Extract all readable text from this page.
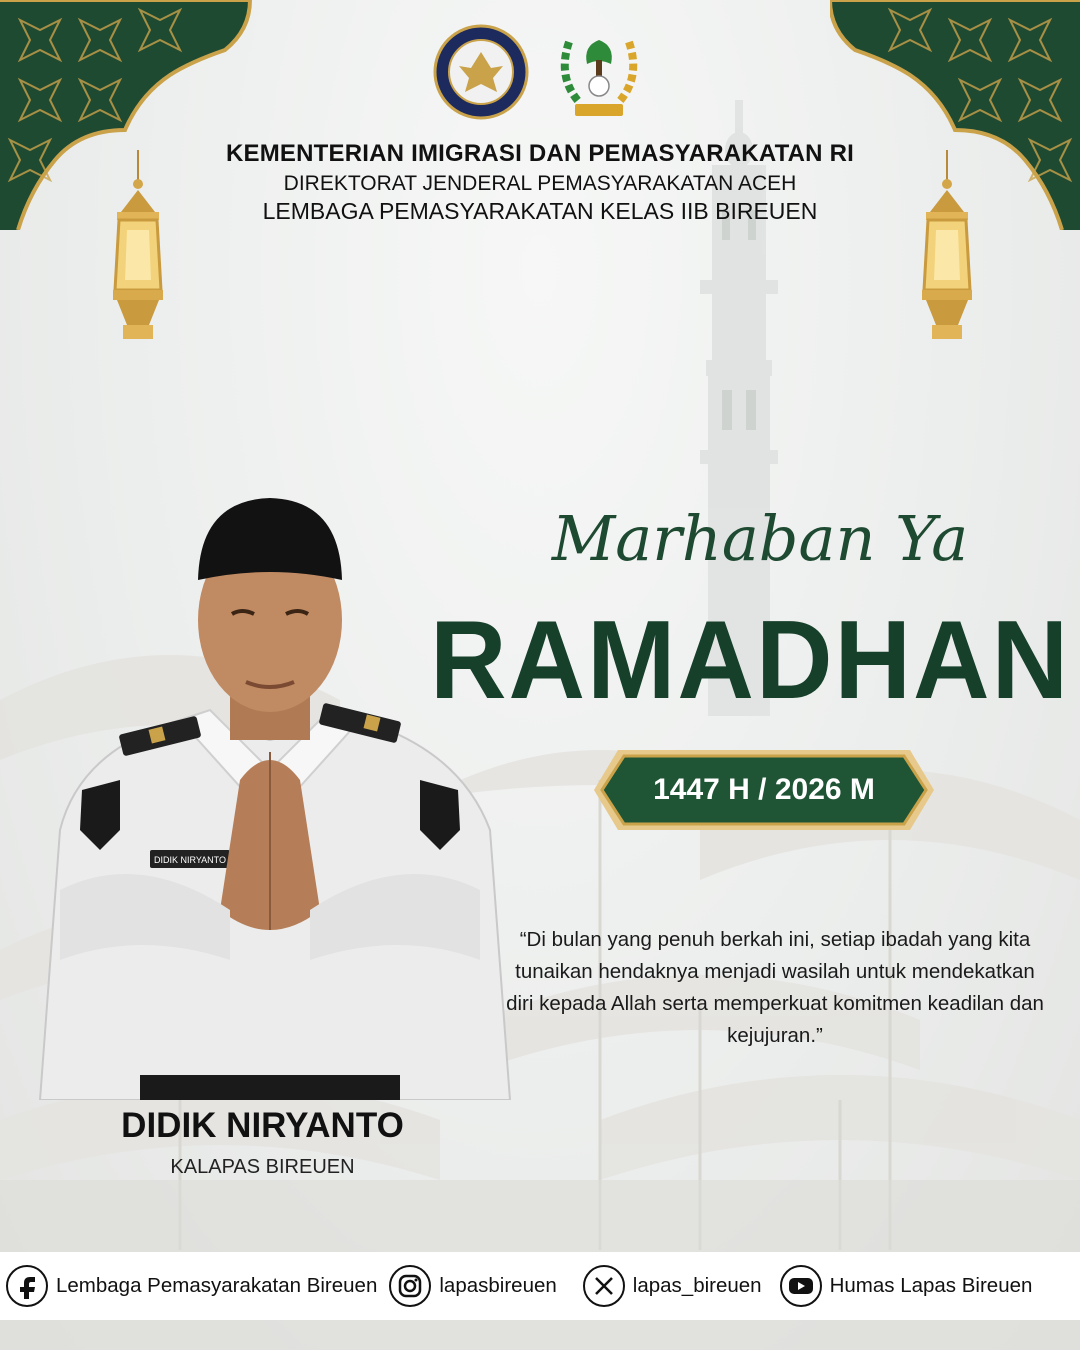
KEMENTERIAN IMIGRASI DAN PEMASYARAKATAN RI
DIREKTORAT JENDERAL PEMASYARAKATAN ACEH
LEMBAGA PEMASYARAKATAN KELAS IIB BIREUEN
DIDIK NIRYANTO
DIDIK NIRYANTO
KALAPAS BIREUEN
Marhaban Ya
RAMADHAN
1447 H / 2026 M
“Di bulan yang penuh berkah ini, setiap ibadah yang kita tunaikan hendaknya menjadi wasilah untuk mendekatkan diri kepada Allah serta memperkuat komitmen keadilan dan kejujuran.”
Lembaga Pemasyarakatan Bireuen	lapasbireuen	lapas_bireuen	Humas Lapas Bireuen
